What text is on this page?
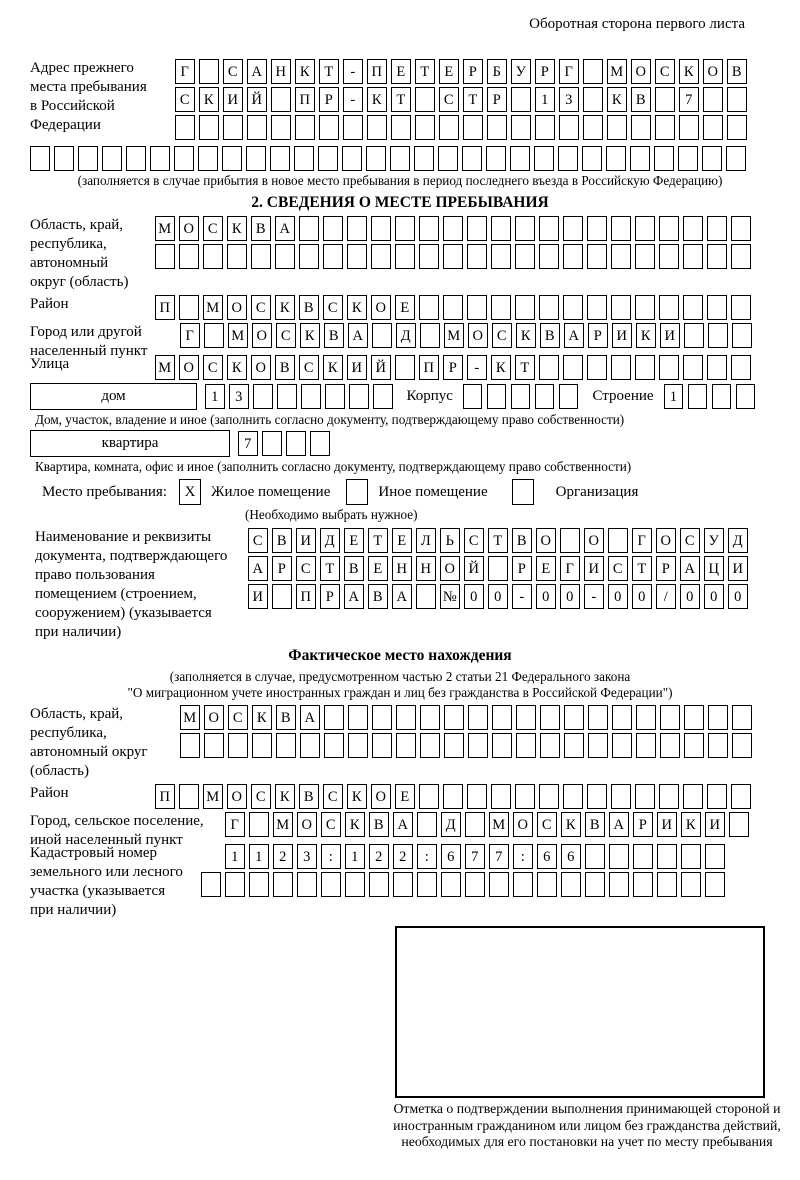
Оборотная сторона первого листа
Адрес прежнего
места пребывания
в Российской
Федерации
Г	С А Н К	Т	-	П Е	Т	Е	Р	Б	У	Р	Г	М О С К О В
С К И Й	П	Р	-	К	Т	С	Т	Р	1	3	К В	7
(заполняется в случае прибытия в новое место пребывания в период последнего въезда в Российскую Федерацию)
2. СВЕДЕНИЯ О МЕСТЕ ПРЕБЫВАНИЯ
Область, край,
республика,
автономный
округ (область)
М О С К В А
Район	П	М О С К В С К О Е
Город или другой
населенный пункт
Г	М О С К В А	Д	М О С К В А	Р	И К И
Улица	М О С К О В С К И Й	П	Р	-	К	Т
дом	1	3	Корпус	Строение	1
Дом, участок, владение и иное (заполнить согласно документу, подтверждающему право собственности)
квартира	7
Квартира, комната, офис и иное (заполнить согласно документу, подтверждающему право собственности)
Место пребывания:	X	Жилое помещение	Иное помещение	Организация
(Необходимо выбрать нужное)
Наименование и реквизиты
документа, подтверждающего
право пользования
помещением (строением,
сооружением) (указывается
при наличии)
С В И Д	Е	Т	Е	Л	Ь	С	Т	В О	О	Г	О С У Д
А	Р	С	Т	В	Е Н Н О Й	Р	Е	Г	И С	Т	Р	А Ц И
И	П	Р	А В А	№ 0	0	-	0	0	-	0	0	/	0	0	0
Фактическое место нахождения
(заполняется в случае, предусмотренном частью 2 статьи 21 Федерального закона
"О миграционном учете иностранных граждан и лиц без гражданства в Российской Федерации")
Область, край,
республика,
автономный округ
(область)
М О С К В А
Район	П	М О С К В С К О Е
Город, сельское поселение,
иной населенный пункт
Г	М О С К В А	Д	М О С К В А	Р	И К И
Кадастровый номер
земельного или лесного
участка (указывается
при наличии)
1	1	2	3	:	1	2	2	:	6	7	7	:	6	6
Отметка о подтверждении выполнения принимающей стороной и иностранным гражданином или лицом без гражданства действий, необходимых для его постановки на учет по месту пребывания
